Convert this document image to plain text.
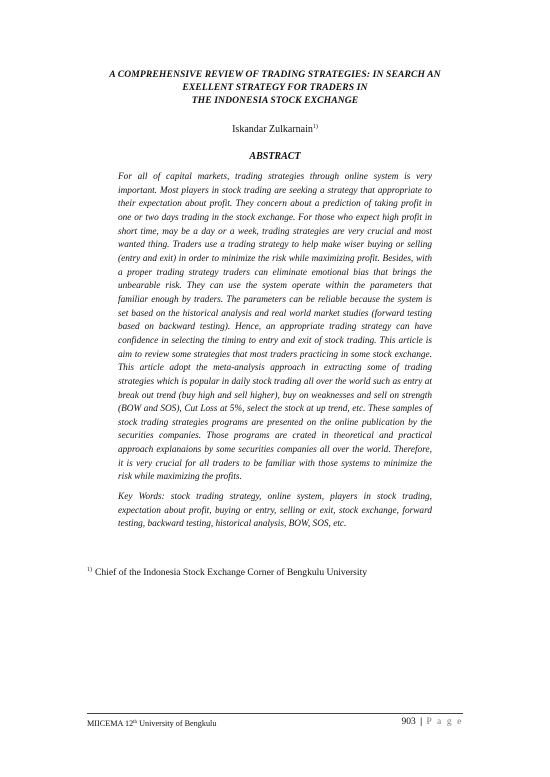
A COMPREHENSIVE REVIEW OF TRADING STRATEGIES: IN SEARCH AN
EXELLENT STRATEGY FOR TRADERS IN
THE INDONESIA STOCK EXCHANGE
Iskandar Zulkarnain$^{1)}$
ABSTRACT
For all of capital markets, trading strategies through online system is very important. Most players in stock trading are seeking a strategy that appropriate to their expectation about profit. They concern about a prediction of taking profit in one or two days trading in the stock exchange. For those who expect high profit in short time, may be a day or a week, trading strategies are very crucial and most wanted thing. Traders use a trading strategy to help make wiser buying or selling (entry and exit) in order to minimize the risk while maximizing profit. Besides, with a proper trading strategy traders can eliminate emotional bias that brings the unbearable risk. They can use the system operate within the parameters that familiar enough by traders. The parameters can be reliable because the system is set based on the historical analysis and real world market studies (forward testing based on backward testing). Hence, an appropriate trading strategy can have confidence in selecting the timing to entry and exit of stock trading. This article is aim to review some strategies that most traders practicing in some stock exchange. This article adopt the meta-analysis approach in extracting some of trading strategies which is popular in daily stock trading all over the world such as entry at break out trend (buy high and sell higher), buy on weaknesses and sell on strength (BOW and SOS), Cut Loss at 5%, select the stock at up trend, etc. These samples of stock trading strategies programs are presented on the online publication by the securities companies. Those programs are crated in theoretical and practical approach explanaions by some securities companies all over the world. Therefore, it is very crucial for all traders to be familiar with those systems to minimize the risk while maximizing the profits.
Key Words: stock trading strategy, online system, players in stock trading, expectation about profit, buying or entry, selling or exit, stock exchange, forward testing, backward testing, historical analysis, BOW, SOS, etc.
$^{1)}$ Chief of the Indonesia Stock Exchange Corner of Bengkulu University
MIICEMA 12th University of Bengkulu	903 | P a g e
